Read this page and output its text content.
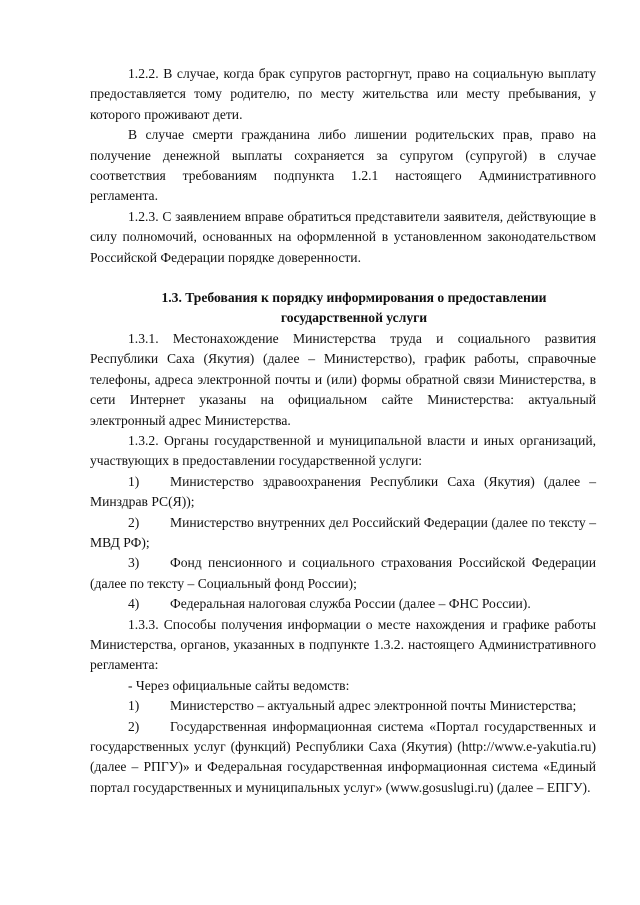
1.2.2. В случае, когда брак супругов расторгнут, право на социальную выплату предоставляется тому родителю, по месту жительства или месту пребывания, у которого проживают дети.

В случае смерти гражданина либо лишении родительских прав, право на получение денежной выплаты сохраняется за супругом (супругой) в случае соответствия требованиям подпункта 1.2.1 настоящего Административного регламента.

1.2.3. С заявлением вправе обратиться представители заявителя, действующие в силу полномочий, основанных на оформленной в установленном законодательством Российской Федерации порядке доверенности.

1.3. Требования к порядку информирования о предоставлении
государственной услуги

1.3.1. Местонахождение Министерства труда и социального развития Республики Саха (Якутия) (далее – Министерство), график работы, справочные телефоны, адреса электронной почты и (или) формы обратной связи Министерства, в сети Интернет указаны на официальном сайте Министерства: актуальный электронный адрес Министерства.

1.3.2. Органы государственной и муниципальной власти и иных организаций, участвующих в предоставлении государственной услуги:

1) Министерство здравоохранения Республики Саха (Якутия) (далее – Минздрав РС(Я));

2) Министерство внутренних дел Российский Федерации (далее по тексту – МВД РФ);

3) Фонд пенсионного и социального страхования Российской Федерации (далее по тексту – Социальный фонд России);

4) Федеральная налоговая служба России (далее – ФНС России).

1.3.3. Способы получения информации о месте нахождения и графике работы Министерства, органов, указанных в подпункте 1.3.2. настоящего Административного регламента:

- Через официальные сайты ведомств:

1) Министерство – актуальный адрес электронной почты Министерства;

2) Государственная информационная система «Портал государственных и государственных услуг (функций) Республики Саха (Якутия) (http://www.e-yakutia.ru) (далее – РПГУ)» и Федеральная государственная информационная система «Единый портал государственных и муниципальных услуг» (www.gosuslugi.ru) (далее – ЕПГУ).
